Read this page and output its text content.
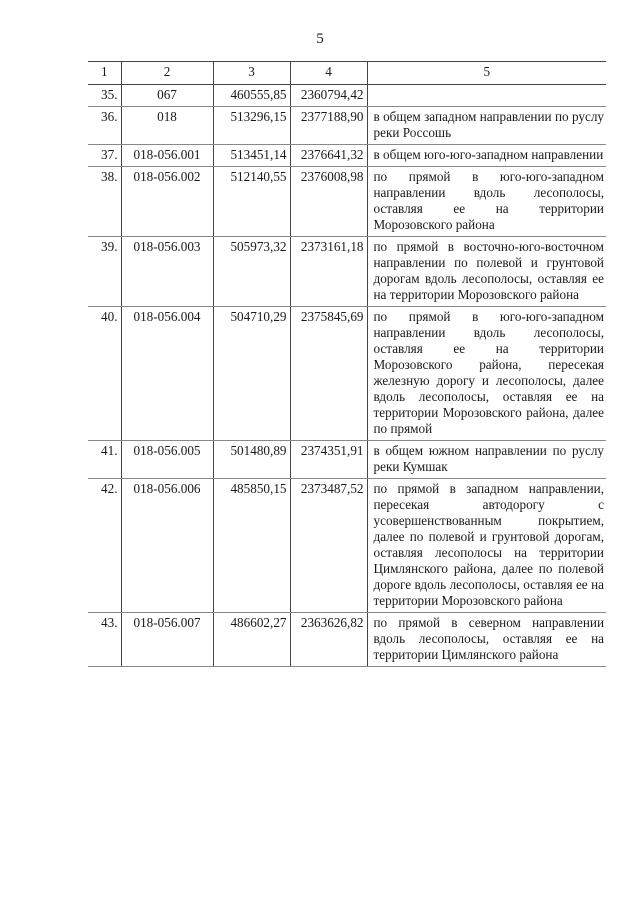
5
1	2	3	4	5
35.	067	460555,85	2360794,42	
36.	018	513296,15	2377188,90	в общем западном направлении по руслу реки Россошь
37.	018-056.001	513451,14	2376641,32	в общем юго-юго-западном направлении
38.	018-056.002	512140,55	2376008,98	по прямой в юго-юго-западном направлении вдоль лесополосы, оставляя ее на территории Морозовского района
39.	018-056.003	505973,32	2373161,18	по прямой в восточно-юго-восточном направлении по полевой и грунтовой дорогам вдоль лесополосы, оставляя ее на территории Морозовского района
40.	018-056.004	504710,29	2375845,69	по прямой в юго-юго-западном направлении вдоль лесополосы, оставляя ее на территории Морозовского района, пересекая железную дорогу и лесополосы, далее вдоль лесополосы, оставляя ее на территории Морозовского района, далее по прямой
41.	018-056.005	501480,89	2374351,91	в общем южном направлении по руслу реки Кумшак
42.	018-056.006	485850,15	2373487,52	по прямой в западном направлении, пересекая автодорогу с усовершенствованным покрытием, далее по полевой и грунтовой дорогам, оставляя лесополосы на территории Цимлянского района, далее по полевой дороге вдоль лесополосы, оставляя ее на территории Морозовского района
43.	018-056.007	486602,27	2363626,82	по прямой в северном направлении вдоль лесополосы, оставляя ее на территории Цимлянского района
